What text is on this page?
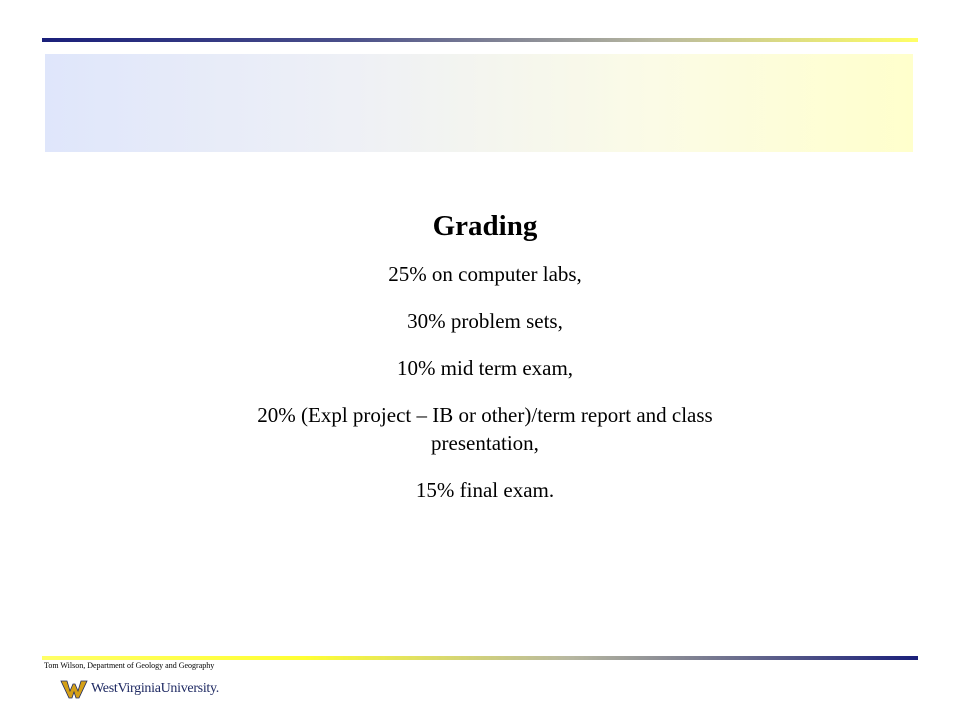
Grading
25% on computer labs,
30% problem sets,
10% mid term exam,
20% (Expl project – IB or other)/term report and class presentation,
15% final exam.
Tom Wilson, Department of Geology and Geography
WestVirginiaUniversity.
